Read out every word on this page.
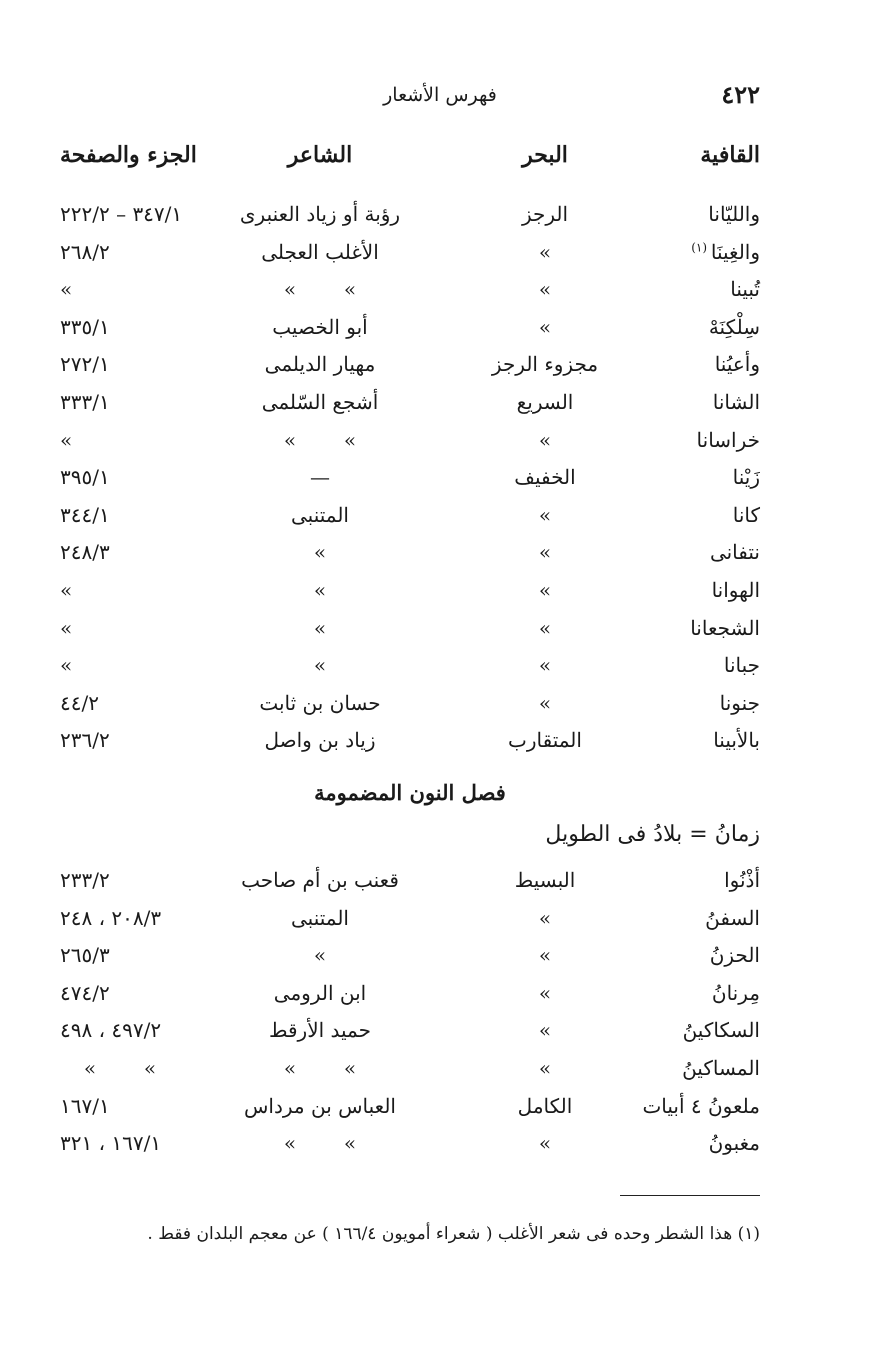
٤٢٢
فهرس الأشعار
القافية
البحر
الشاعر
الجزء والصفحة
والليّانا
الرجز
رؤبة أو زياد العنبرى
٣٤٧/١ – ٢٢٢/٢
والغِينَا $^{(١)}$
»
الأغلب العجلى
٢٦٨/٢
تُبينا
»
»»
»
سِلْكِنَهْ
»
أبو الخصيب
٣٣٥/١
وأعيُنا
مجزوء الرجز
مهيار الديلمى
٢٧٢/١
الشانا
السريع
أشجع السّلمى
٣٣٣/١
خراسانا
»
»»
»
زَيْنا
الخفيف
—
٣٩٥/١
كانا
»
المتنبى
٣٤٤/١
نتفانى
»
»
٢٤٨/٣
الهوانا
»
»
»
الشجعانا
»
»
»
جبانا
»
»
»
جنونا
»
حسان بن ثابت
٤٤/٢
بالأبينا
المتقارب
زياد بن واصل
٢٣٦/٢
فصل النون المضمومة
زمانُ = بلادُ فى الطويل
أذْنُوا
البسيط
قعنب بن أم صاحب
٢٣٣/٢
السفنُ
»
المتنبى
٢٠٨/٣ ، ٢٤٨
الحزنُ
»
»
٢٦٥/٣
مِرنانُ
»
ابن الرومى
٤٧٤/٢
السكاكينُ
»
حميد الأرقط
٤٩٧/٢ ، ٤٩٨
المساكينُ
»
»»
»»
ملعونُ ٤ أبيات
الكامل
العباس بن مرداس
١٦٧/١
مغبونُ
»
»»
١٦٧/١ ، ٣٢١
(١) هذا الشطر وحده فى شعر الأغلب ( شعراء أمويون ١٦٦/٤ ) عن معجم البلدان فقط .
